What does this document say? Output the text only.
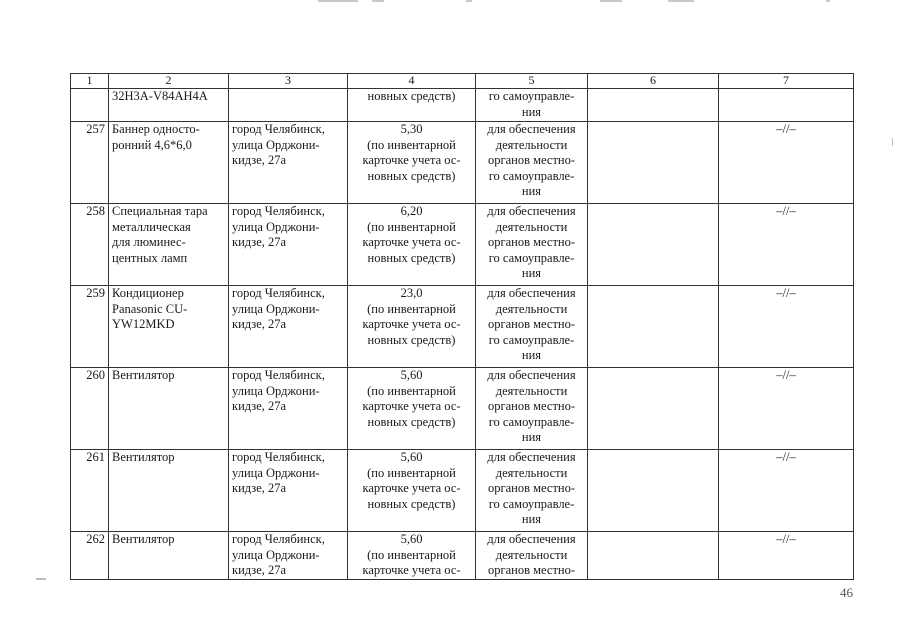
1	2	3	4	5	6	7

	32H3A-V84AH4A		новных средств)	го самоуправле-
ния		

257	Баннер односто-
ронний 4,6*6,0	город Челябинск,
улица Орджони-
кидзе, 27а	5,30
(по инвентарной
карточке учета ос-
новных средств)	для обеспечения
деятельности
органов местно-
го самоуправле-
ния		–//–
258	Специальная тара
металлическая
для люминес-
центных ламп	город Челябинск,
улица Орджони-
кидзе, 27а	6,20
(по инвентарной
карточке учета ос-
новных средств)	для обеспечения
деятельности
органов местно-
го самоуправле-
ния		–//–
259	Кондиционер
Panasonic CU-
YW12MKD	город Челябинск,
улица Орджони-
кидзе, 27а	23,0
(по инвентарной
карточке учета ос-
новных средств)	для обеспечения
деятельности
органов местно-
го самоуправле-
ния		–//–
260	Вентилятор	город Челябинск,
улица Орджони-
кидзе, 27а	5,60
(по инвентарной
карточке учета ос-
новных средств)	для обеспечения
деятельности
органов местно-
го самоуправле-
ния		–//–
261	Вентилятор	город Челябинск,
улица Орджони-
кидзе, 27а	5,60
(по инвентарной
карточке учета ос-
новных средств)	для обеспечения
деятельности
органов местно-
го самоуправле-
ния		–//–
262	Вентилятор	город Челябинск,
улица Орджони-
кидзе, 27а	5,60
(по инвентарной
карточке учета ос-	для обеспечения
деятельности
органов местно-		–//–
46
